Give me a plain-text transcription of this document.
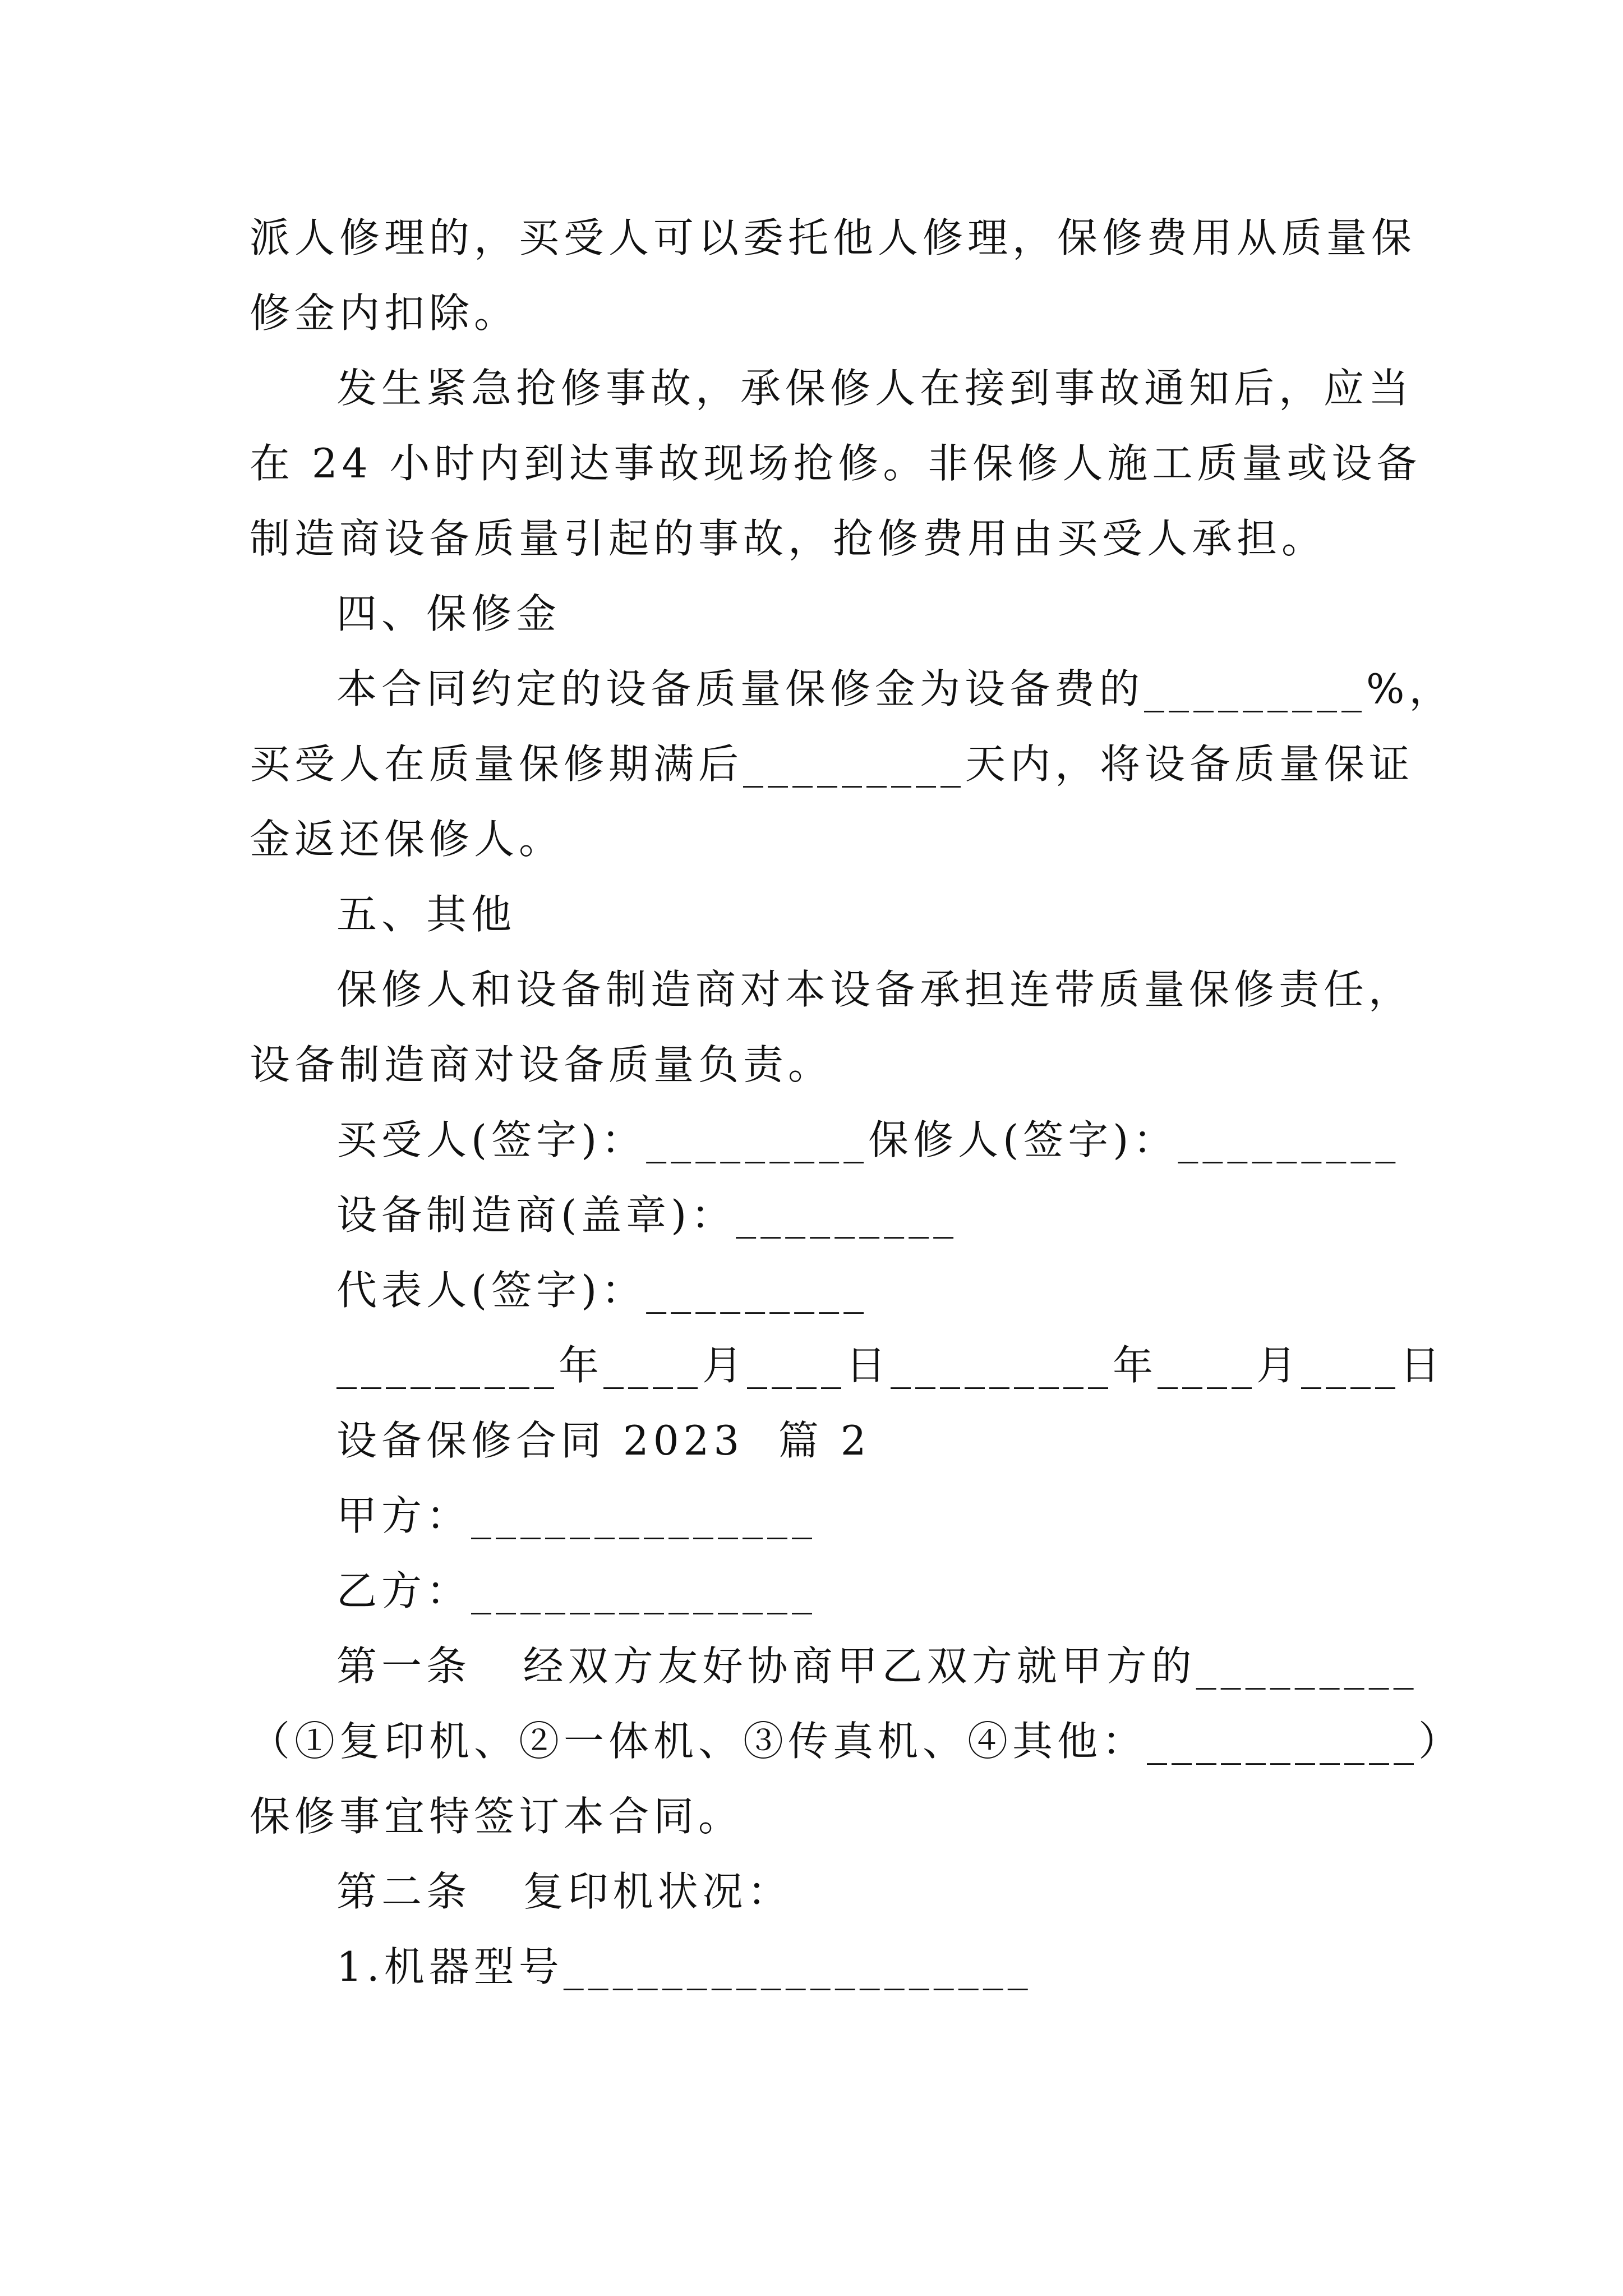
派人修理的，买受人可以委托他人修理，保修费用从质量保
修金内扣除。
发生紧急抢修事故，承保修人在接到事故通知后，应当
在 24 小时内到达事故现场抢修。非保修人施工质量或设备
制造商设备质量引起的事故，抢修费用由买受人承担。
四、保修金
本合同约定的设备质量保修金为设备费的_________%，
买受人在质量保修期满后_________天内，将设备质量保证
金返还保修人。
五、其他
保修人和设备制造商对本设备承担连带质量保修责任，
设备制造商对设备质量负责。
买受人(签字)：_________保修人(签字)：_________
设备制造商(盖章)：_________
代表人(签字)：_________
_________年____月____日_________年____月____日
设备保修合同 2023  篇 2
甲方：______________
乙方：______________
第一条   经双方友好协商甲乙双方就甲方的_________
（①复印机、②一体机、③传真机、④其他：___________）
保修事宜特签订本合同。
第二条   复印机状况：
1.机器型号___________________
